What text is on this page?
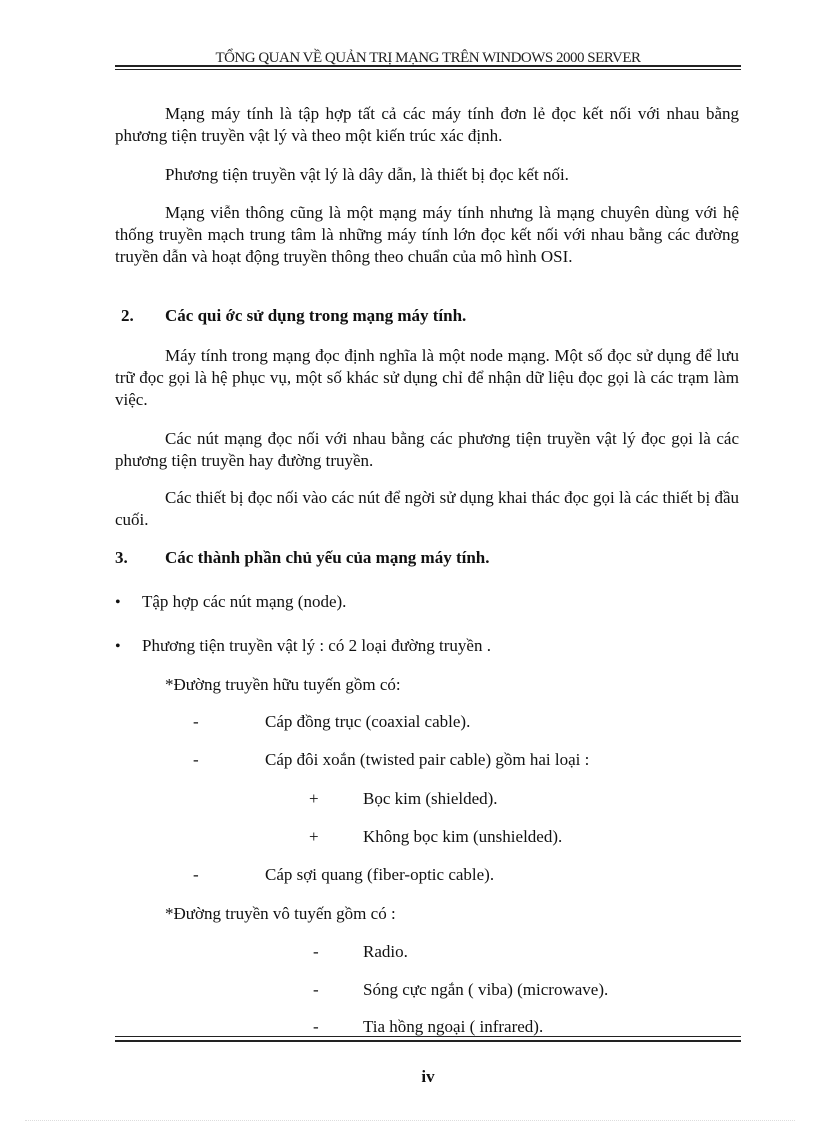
TỔNG QUAN VỀ QUẢN TRỊ MẠNG TRÊN WINDOWS 2000 SERVER
Mạng máy tính là tập hợp tất cả các máy tính đơn lẻ đọc kết nối với nhau bằng phương tiện truyền vật lý và theo một kiến trúc xác định.
Phương tiện truyền vật lý là dây dẫn, là thiết bị đọc kết nối.
Mạng viễn thông cũng là một mạng máy tính nhưng là mạng chuyên dùng với hệ thống truyền mạch trung tâm là những máy tính lớn đọc kết nối với nhau bằng các đường truyền dẫn và hoạt động truyền thông theo chuẩn của mô hình OSI.
2. Các qui ớc sử dụng trong mạng máy tính.
Máy tính trong mạng đọc định nghĩa là một node mạng. Một số đọc sử dụng để lưu trữ đọc gọi là hệ phục vụ, một số khác sử dụng chỉ để nhận dữ liệu đọc gọi là các trạm làm việc.
Các nút mạng đọc nối với nhau bằng các phương tiện truyền vật lý đọc gọi là các phương tiện truyền hay đường truyền.
Các thiết bị đọc nối vào các nút để ngời sử dụng khai thác đọc gọi là các thiết bị đầu cuối.
3. Các thành phần chủ yếu của mạng máy tính.
• Tập hợp các nút mạng (node).
• Phương tiện truyền vật lý : có 2 loại đường truyền .
*Đường truyền hữu tuyến gồm có:
-	Cáp đồng trục (coaxial cable).
-	Cáp đôi xoắn (twisted pair cable) gồm hai loại :
+	Bọc kim (shielded).
+	Không bọc kim (unshielded).
-	Cáp sợi quang (fiber-optic cable).
*Đường truyền vô tuyến gồm có :
-	Radio.
-	Sóng cực ngắn ( viba) (microwave).
-	Tia hồng ngoại ( infrared).
iv
